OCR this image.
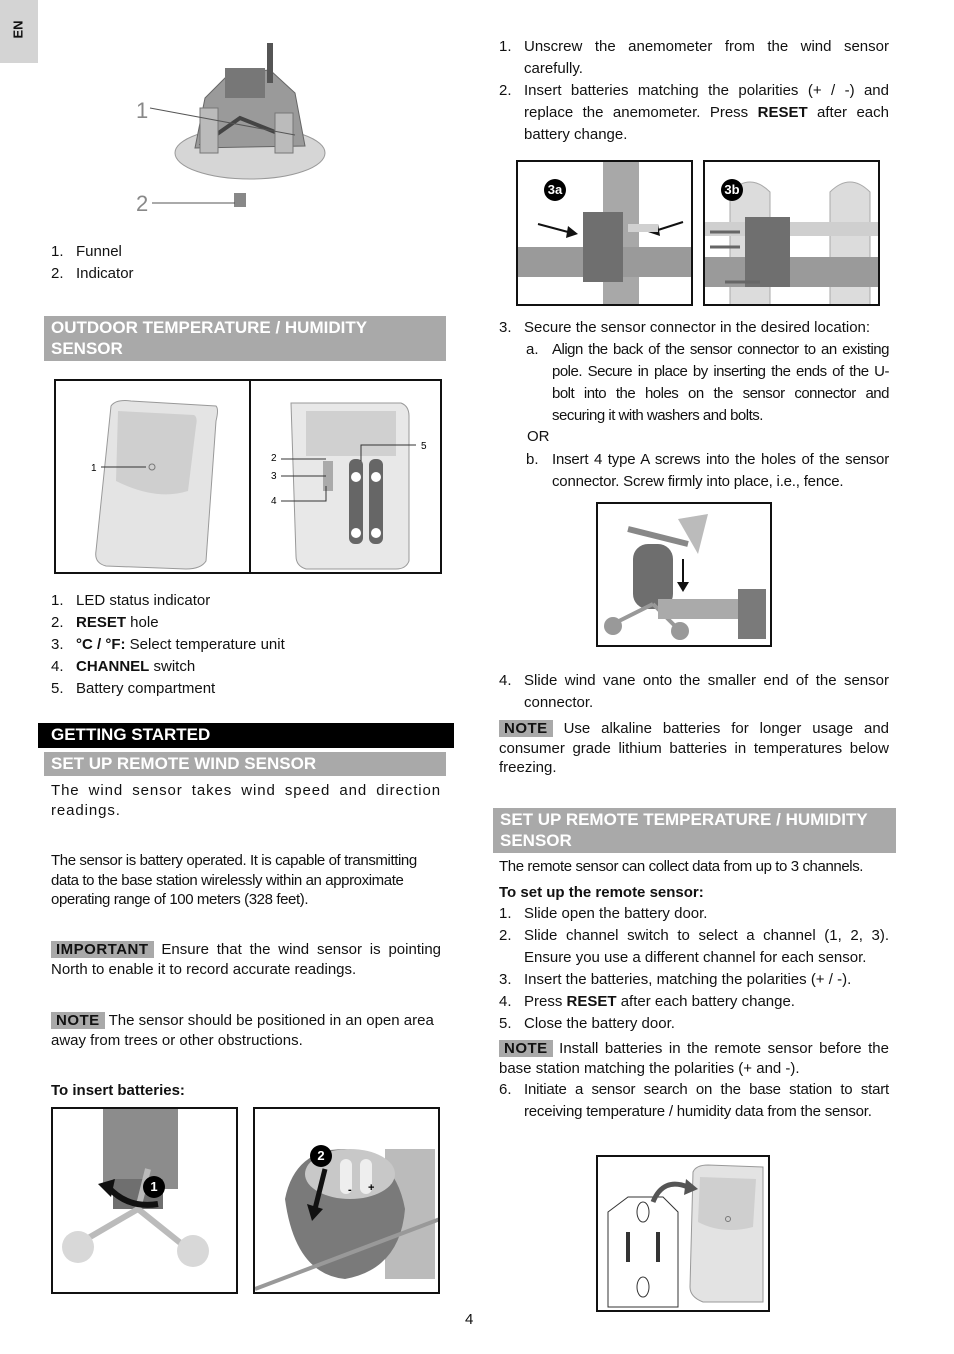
EN
1
2
1. Funnel
2. Indicator
OUTDOOR TEMPERATURE / HUMIDITY SENSOR
1
2
3
4
5
1. LED status indicator
2. RESET hole
3. °C / °F: Select temperature unit
4. CHANNEL switch
5. Battery compartment
GETTING STARTED
SET UP REMOTE WIND SENSOR
The wind sensor takes wind speed and direction readings.
The sensor is battery operated. It is capable of transmitting data to the base station wirelessly within an approximate operating range of 100 meters (328 feet).
IMPORTANT Ensure that the wind sensor is pointing North to enable it to record accurate readings.
NOTE The sensor should be positioned in an open area away from trees or other obstructions.
To insert batteries:
1	- +
2
1. Unscrew the anemometer from the wind sensor carefully.
2. Insert batteries matching the polarities (+ / -) and replace the anemometer. Press RESET after each battery change.
3a	3b
3. Secure the sensor connector in the desired location:
a. Align the back of the sensor connector to an existing pole. Secure in place by inserting the ends of the U-bolt into the holes on the sensor connector and securing it with washers and bolts.
OR
b. Insert 4 type A screws into the holes of the sensor connector. Screw firmly into place, i.e., fence.
4. Slide wind vane onto the smaller end of the sensor connector.
NOTE Use alkaline batteries for longer usage and consumer grade lithium batteries in temperatures below freezing.
SET UP REMOTE TEMPERATURE / HUMIDITY SENSOR
The remote sensor can collect data from up to 3 channels.
To set up the remote sensor:
1. Slide open the battery door.
2. Slide channel switch to select a channel (1, 2, 3). Ensure you use a different channel for each sensor.
3. Insert the batteries, matching the polarities (+ / -).
4. Press RESET after each battery change.
5. Close the battery door.
NOTE Install batteries in the remote sensor before the base station matching the polarities (+ and -).
6. Initiate a sensor search on the base station to start receiving temperature / humidity data from the sensor.
4
